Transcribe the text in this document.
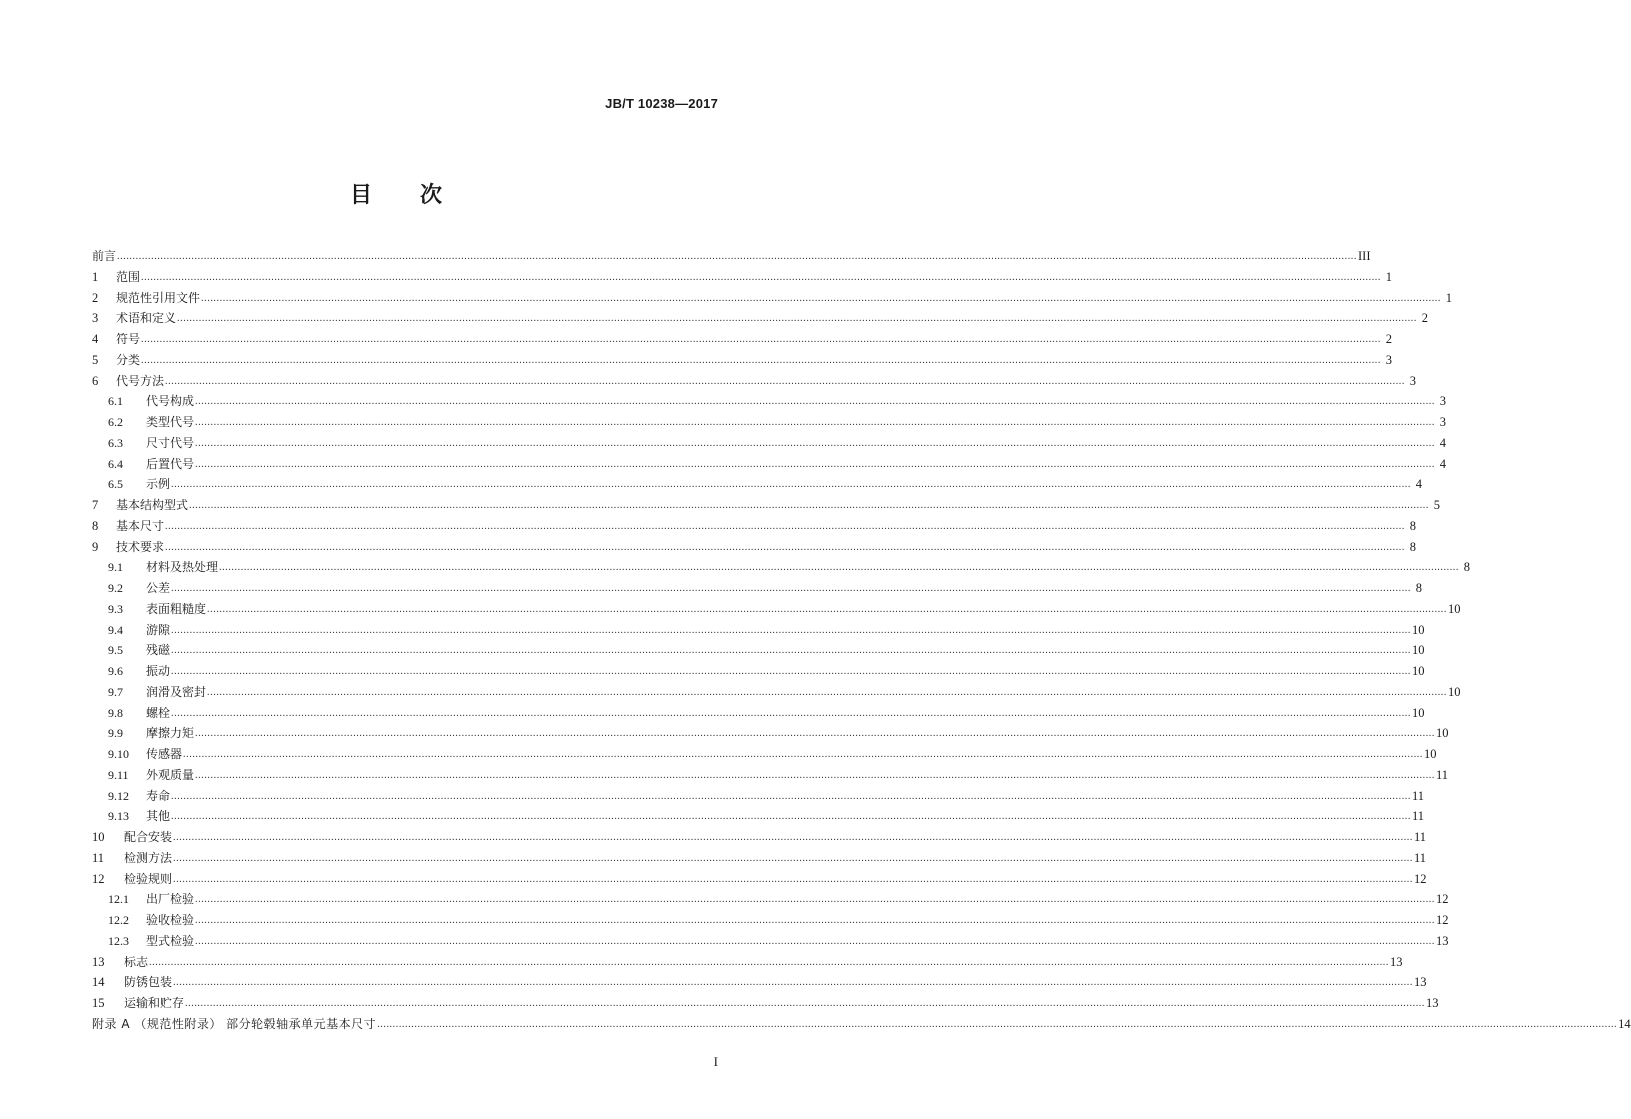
JB/T 10238—2017
目 次
前言 ................................................................................................................................................................................................................................................................................................................................................................................................................ III
1	范围 ................................................................................................................................................................................................................................................................................................................................................................................................................ 1
2	规范性引用文件 ................................................................................................................................................................................................................................................................................................................................................................................................................ 1
3	术语和定义 ................................................................................................................................................................................................................................................................................................................................................................................................................ 2
4	符号 ................................................................................................................................................................................................................................................................................................................................................................................................................ 2
5	分类 ................................................................................................................................................................................................................................................................................................................................................................................................................ 3
6	代号方法 ................................................................................................................................................................................................................................................................................................................................................................................................................ 3
6.1	代号构成 ................................................................................................................................................................................................................................................................................................................................................................................................................ 3
6.2	类型代号 ................................................................................................................................................................................................................................................................................................................................................................................................................ 3
6.3	尺寸代号 ................................................................................................................................................................................................................................................................................................................................................................................................................ 4
6.4	后置代号 ................................................................................................................................................................................................................................................................................................................................................................................................................ 4
6.5	示例 ................................................................................................................................................................................................................................................................................................................................................................................................................ 4
7	基本结构型式 ................................................................................................................................................................................................................................................................................................................................................................................................................ 5
8	基本尺寸 ................................................................................................................................................................................................................................................................................................................................................................................................................ 8
9	技术要求 ................................................................................................................................................................................................................................................................................................................................................................................................................ 8
9.1	材料及热处理 ................................................................................................................................................................................................................................................................................................................................................................................................................ 8
9.2	公差 ................................................................................................................................................................................................................................................................................................................................................................................................................ 8
9.3	表面粗糙度 ................................................................................................................................................................................................................................................................................................................................................................................................................ 10
9.4	游隙 ................................................................................................................................................................................................................................................................................................................................................................................................................ 10
9.5	残磁 ................................................................................................................................................................................................................................................................................................................................................................................................................ 10
9.6	振动 ................................................................................................................................................................................................................................................................................................................................................................................................................ 10
9.7	润滑及密封 ................................................................................................................................................................................................................................................................................................................................................................................................................ 10
9.8	螺栓 ................................................................................................................................................................................................................................................................................................................................................................................................................ 10
9.9	摩擦力矩 ................................................................................................................................................................................................................................................................................................................................................................................................................ 10
9.10	传感器 ................................................................................................................................................................................................................................................................................................................................................................................................................ 10
9.11	外观质量 ................................................................................................................................................................................................................................................................................................................................................................................................................ 11
9.12	寿命 ................................................................................................................................................................................................................................................................................................................................................................................................................ 11
9.13	其他 ................................................................................................................................................................................................................................................................................................................................................................................................................ 11
10	配合安装 ................................................................................................................................................................................................................................................................................................................................................................................................................ 11
11	检测方法 ................................................................................................................................................................................................................................................................................................................................................................................................................ 11
12	检验规则 ................................................................................................................................................................................................................................................................................................................................................................................................................ 12
12.1	出厂检验 ................................................................................................................................................................................................................................................................................................................................................................................................................ 12
12.2	验收检验 ................................................................................................................................................................................................................................................................................................................................................................................................................ 12
12.3	型式检验 ................................................................................................................................................................................................................................................................................................................................................................................................................ 13
13	标志 ................................................................................................................................................................................................................................................................................................................................................................................................................ 13
14	防锈包装 ................................................................................................................................................................................................................................................................................................................................................................................................................ 13
15	运输和贮存 ................................................................................................................................................................................................................................................................................................................................................................................................................ 13
附录 A （规范性附录） 部分轮毂轴承单元基本尺寸 ................................................................................................................................................................................................................................................................................................................................................................................................................ 14
I
